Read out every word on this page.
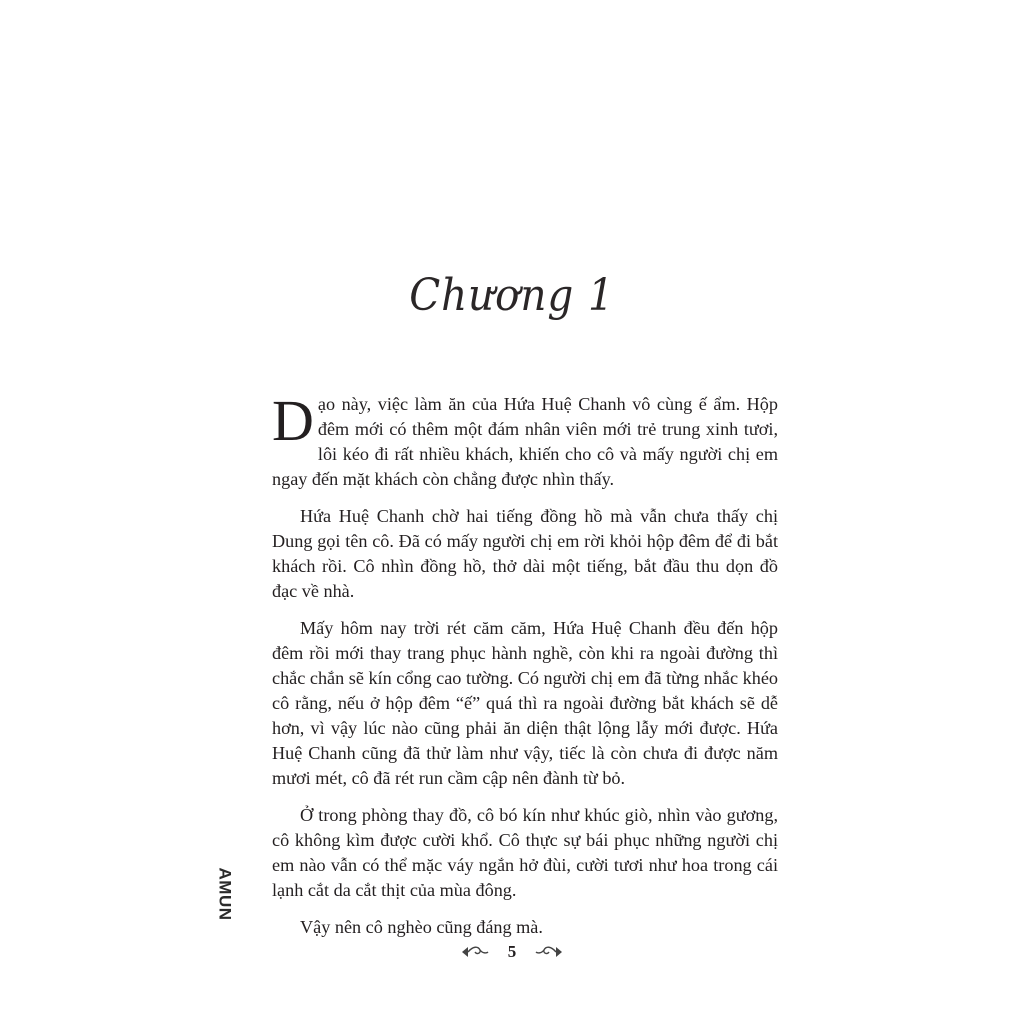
Chương 1

Dạo này, việc làm ăn của Hứa Huệ Chanh vô cùng ế ẩm. Hộp đêm mới có thêm một đám nhân viên mới trẻ trung xinh tươi, lôi kéo đi rất nhiều khách, khiến cho cô và mấy người chị em ngay đến mặt khách còn chẳng được nhìn thấy.

Hứa Huệ Chanh chờ hai tiếng đồng hồ mà vẫn chưa thấy chị Dung gọi tên cô. Đã có mấy người chị em rời khỏi hộp đêm để đi bắt khách rồi. Cô nhìn đồng hồ, thở dài một tiếng, bắt đầu thu dọn đồ đạc về nhà.

Mấy hôm nay trời rét căm căm, Hứa Huệ Chanh đều đến hộp đêm rồi mới thay trang phục hành nghề, còn khi ra ngoài đường thì chắc chắn sẽ kín cổng cao tường. Có người chị em đã từng nhắc khéo cô rằng, nếu ở hộp đêm “ế” quá thì ra ngoài đường bắt khách sẽ dễ hơn, vì vậy lúc nào cũng phải ăn diện thật lộng lẫy mới được. Hứa Huệ Chanh cũng đã thử làm như vậy, tiếc là còn chưa đi được năm mươi mét, cô đã rét run cầm cập nên đành từ bỏ.

Ở trong phòng thay đồ, cô bó kín như khúc giò, nhìn vào gương, cô không kìm được cười khổ. Cô thực sự bái phục những người chị em nào vẫn có thể mặc váy ngắn hở đùi, cười tươi như hoa trong cái lạnh cắt da cắt thịt của mùa đông.

Vậy nên cô nghèo cũng đáng mà.

AMUN
5
